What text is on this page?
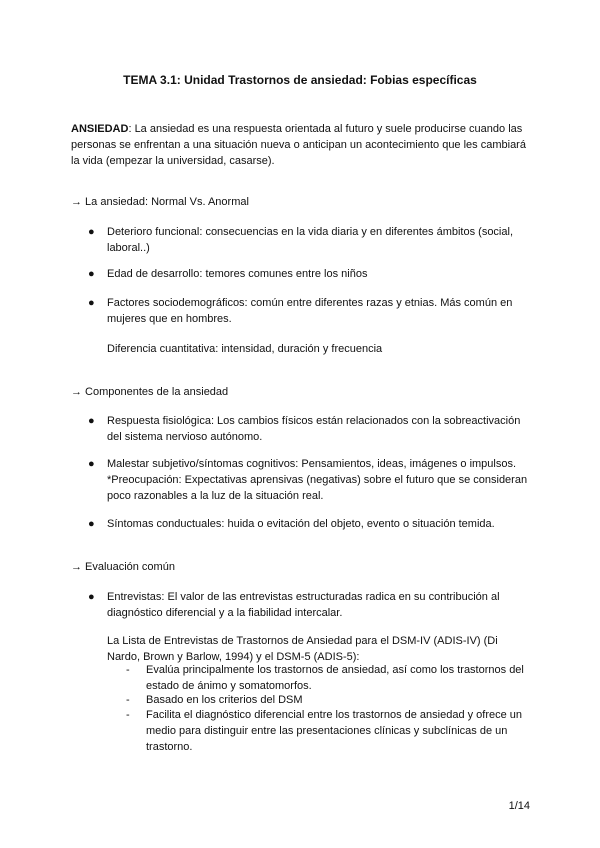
TEMA 3.1: Unidad Trastornos de ansiedad: Fobias específicas
ANSIEDAD: La ansiedad es una respuesta orientada al futuro y suele producirse cuando las personas se enfrentan a una situación nueva o anticipan un acontecimiento que les cambiará la vida (empezar la universidad, casarse).
→ La ansiedad: Normal Vs. Anormal
●	Deterioro funcional: consecuencias en la vida diaria y en diferentes ámbitos (social, laboral..)
●	Edad de desarrollo: temores comunes entre los niños
●	Factores sociodemográficos: común entre diferentes razas y etnias. Más común en mujeres que en hombres.
Diferencia cuantitativa: intensidad, duración y frecuencia
→ Componentes de la ansiedad
●	Respuesta fisiológica: Los cambios físicos están relacionados con la sobreactivación del sistema nervioso autónomo.
●	Malestar subjetivo/síntomas cognitivos: Pensamientos, ideas, imágenes o impulsos. *Preocupación: Expectativas aprensivas (negativas) sobre el futuro que se consideran poco razonables a la luz de la situación real.
●	Síntomas conductuales: huida o evitación del objeto, evento o situación temida.
→ Evaluación común
●	Entrevistas: El valor de las entrevistas estructuradas radica en su contribución al diagnóstico diferencial y a la fiabilidad intercalar.
La Lista de Entrevistas de Trastornos de Ansiedad para el DSM-IV (ADIS-IV) (Di Nardo, Brown y Barlow, 1994) y el DSM-5 (ADIS-5):
- Evalúa principalmente los trastornos de ansiedad, así como los trastornos del estado de ánimo y somatomorfos.
- Basado en los criterios del DSM
- Facilita el diagnóstico diferencial entre los trastornos de ansiedad y ofrece un medio para distinguir entre las presentaciones clínicas y subclínicas de un trastorno.
1/14
